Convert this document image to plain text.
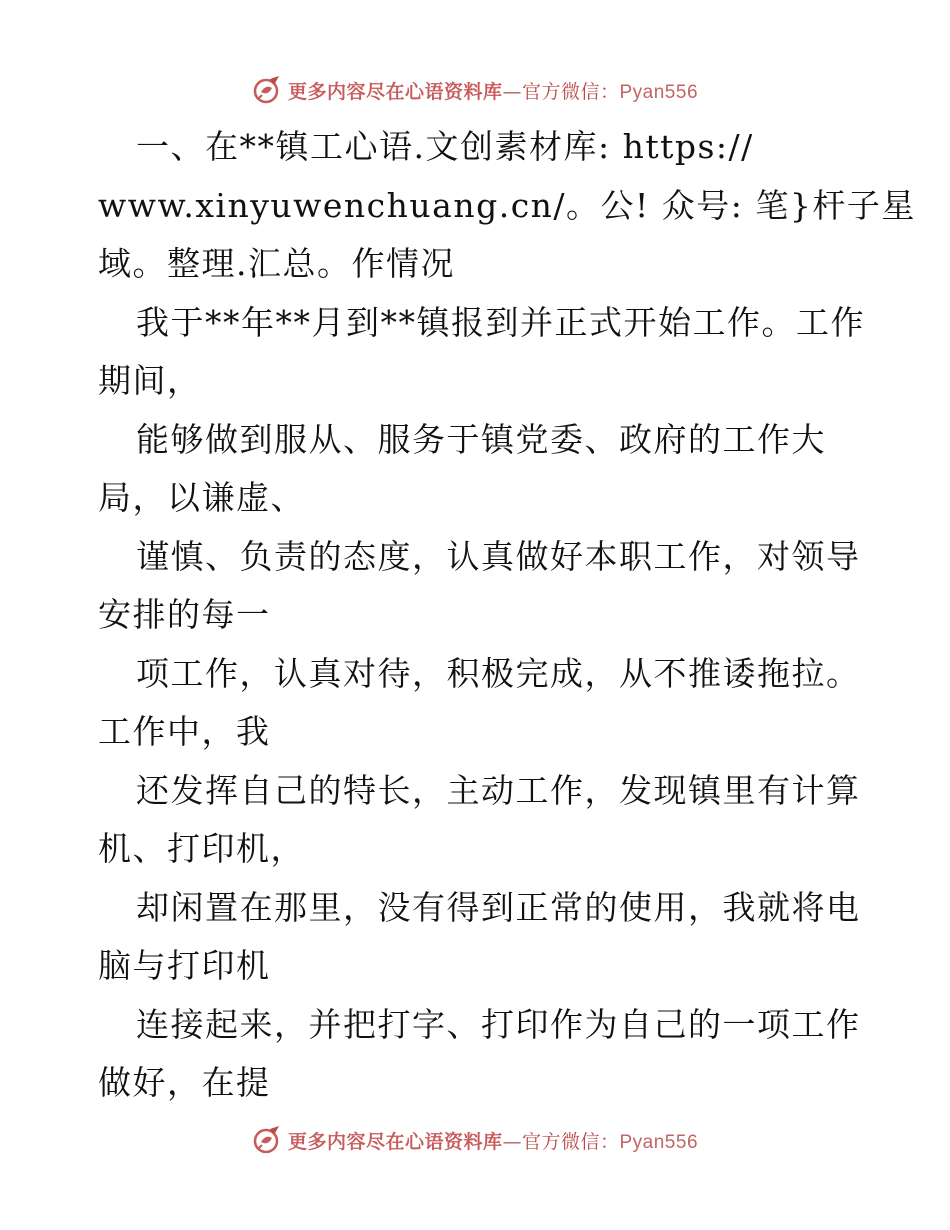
更多内容尽在心语资料库—官方微信：Pyan556
一、在**镇工心语.文创素材库: https://
www.xinyuwenchuang.cn/。公! 众号: 笔}杆子星
域。整理.汇总。作情况
我于**年**月到**镇报到并正式开始工作。工作
期间，
能够做到服从、服务于镇党委、政府的工作大
局，以谦虚、
谨慎、负责的态度，认真做好本职工作，对领导
安排的每一
项工作，认真对待，积极完成，从不推诿拖拉。
工作中，我
还发挥自己的特长，主动工作，发现镇里有计算
机、打印机，
却闲置在那里，没有得到正常的使用，我就将电
脑与打印机
连接起来，并把打字、打印作为自己的一项工作
做好，在提
更多内容尽在心语资料库—官方微信：Pyan556
